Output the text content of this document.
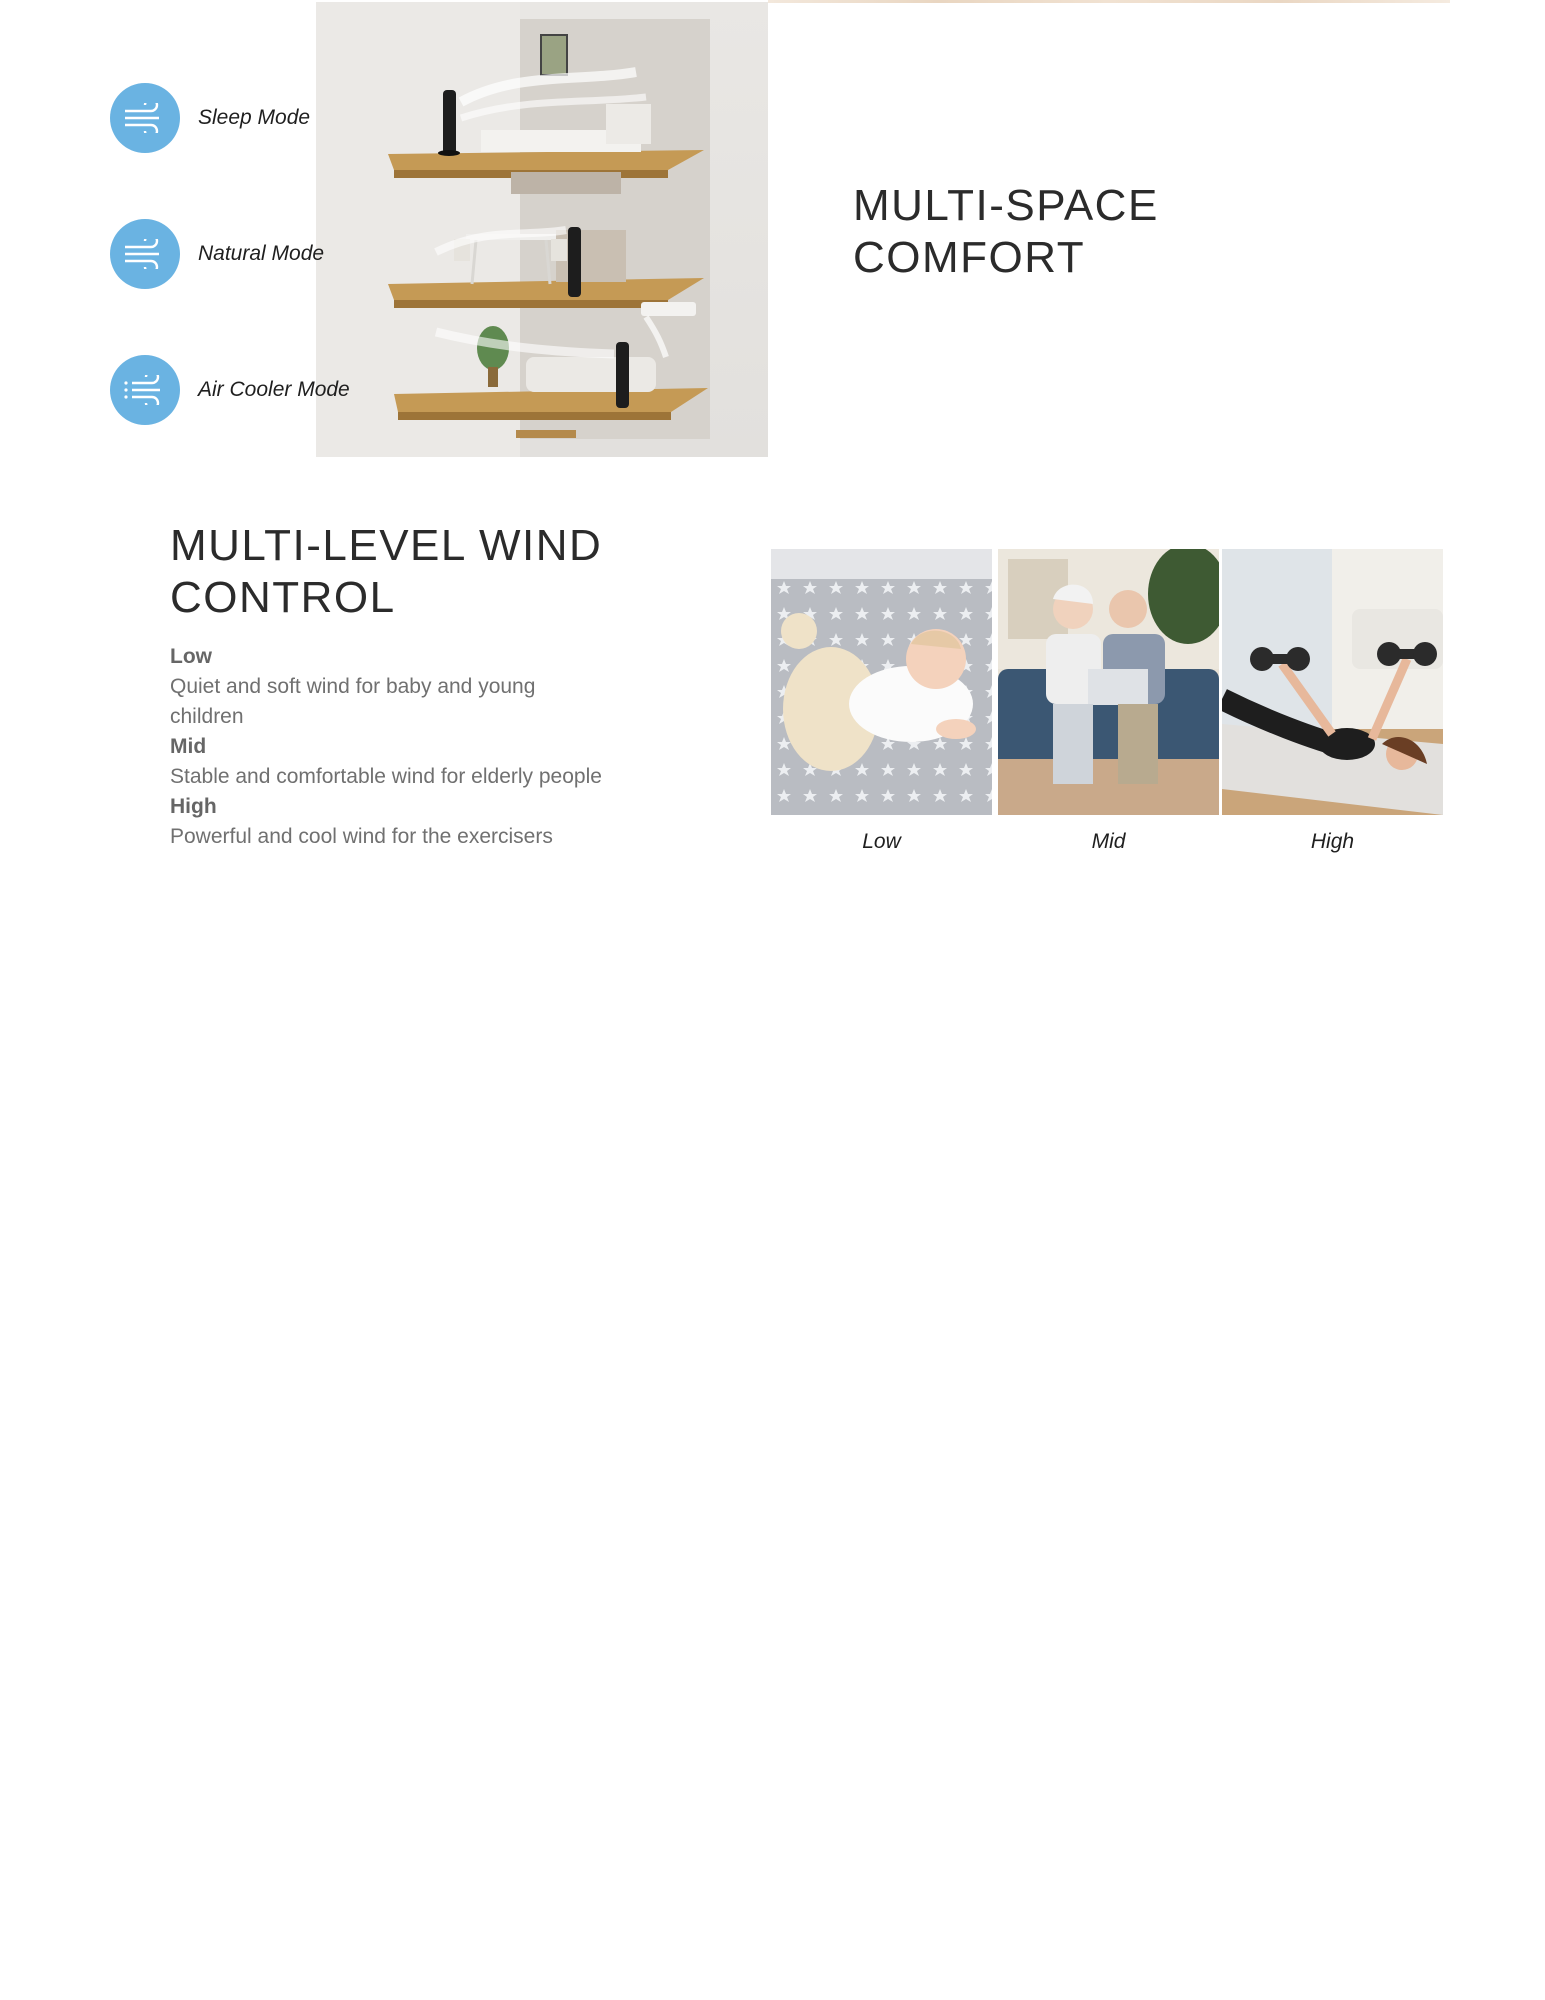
Sleep Mode
Natural Mode
Air Cooler Mode
MULTI-SPACE
COMFORT
MULTI-LEVEL WIND
CONTROL
Low
Quiet and soft wind for baby and young children
Mid
Stable and comfortable wind for elderly people
High
Powerful and cool wind for the exercisers	Low	Mid	High
